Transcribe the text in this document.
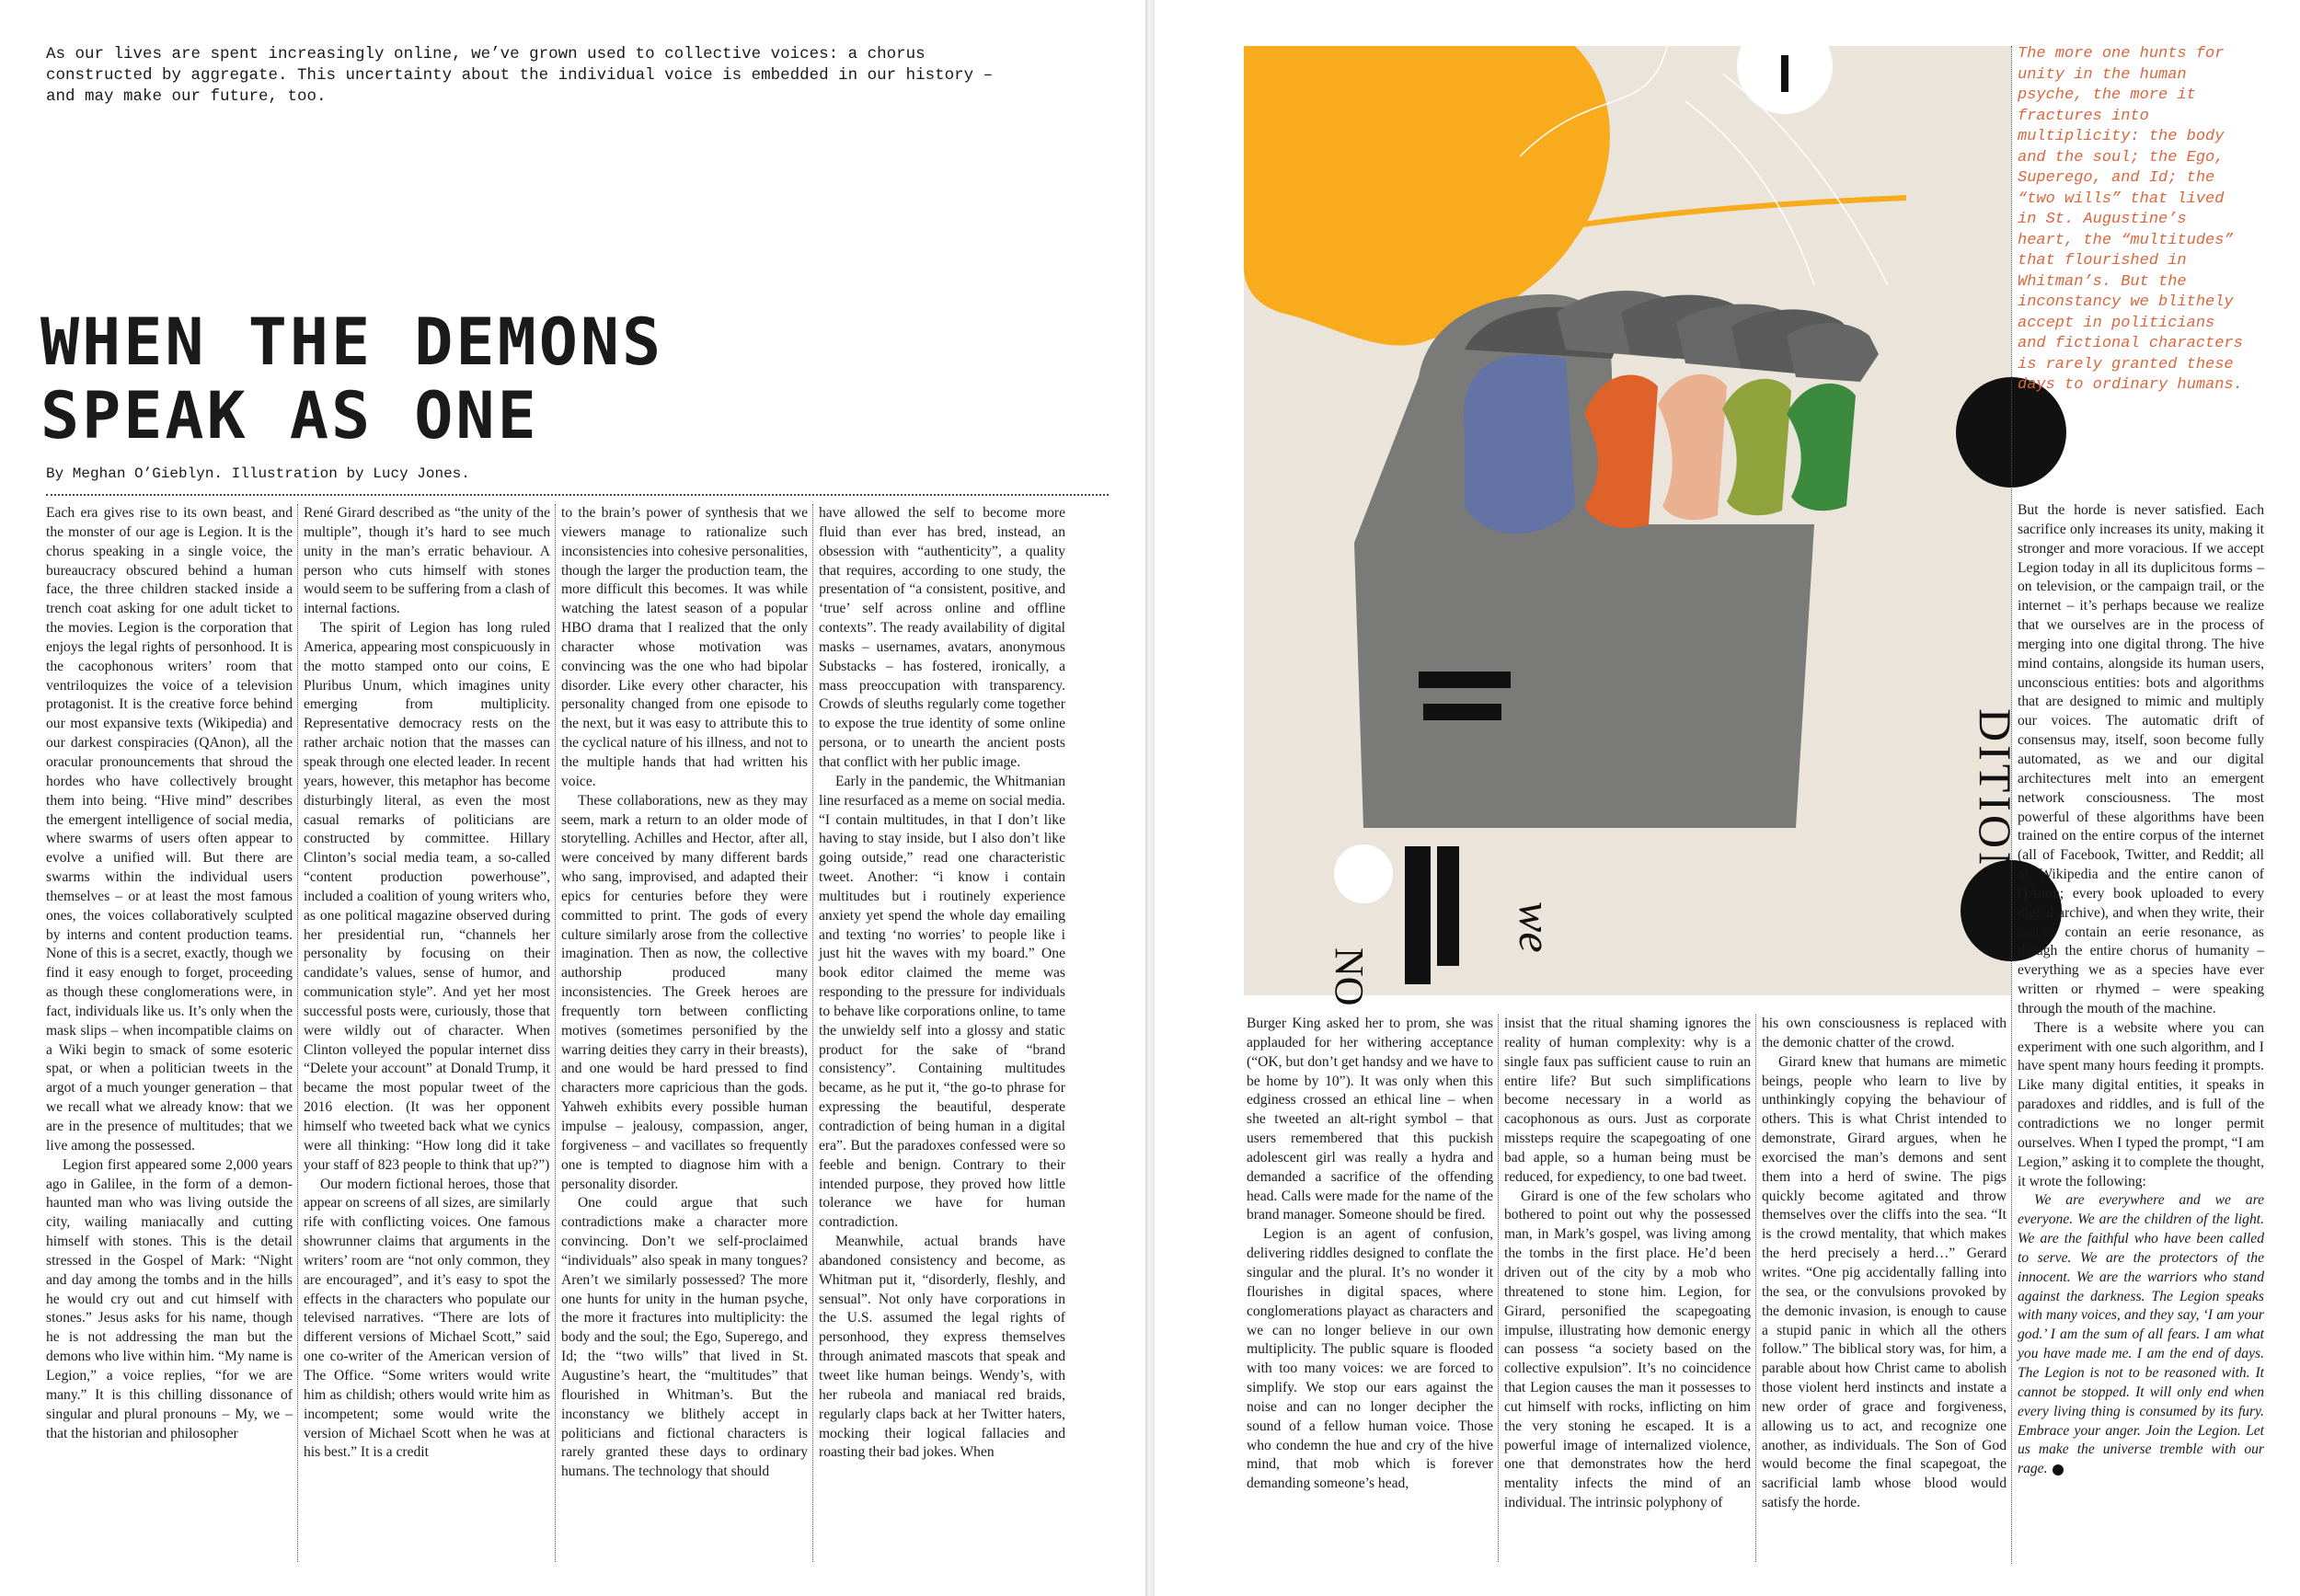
As our lives are spent increasingly online, we’ve grown used to collective voices: a chorus constructed by aggregate. This uncertainty about the individual voice is embedded in our history – and may make our future, too.
WHEN THE DEMONS
SPEAK AS ONE
By Meghan O’Gieblyn. Illustration by Lucy Jones.

Each era gives rise to its own beast, and the monster of our age is Legion. It is the chorus speaking in a single voice, the bureaucracy obscured behind a human face, the three children stacked inside a trench coat asking for one adult ticket to the movies. Legion is the corporation that enjoys the legal rights of personhood. It is the cacophonous writers’ room that ventriloquizes the voice of a television protagonist. It is the creative force behind our most expansive texts (Wikipedia) and our darkest conspiracies (QAnon), all the oracular pronouncements that shroud the hordes who have collectively brought them into being. “Hive mind” describes the emergent intelligence of social media, where swarms of users often appear to evolve a unified will. But there are swarms within the individual users themselves – or at least the most famous ones, the voices collaboratively sculpted by interns and content production teams. None of this is a secret, exactly, though we find it easy enough to forget, proceeding as though these conglomerations were, in fact, individuals like us. It’s only when the mask slips – when incompatible claims on a Wiki begin to smack of some esoteric spat, or when a politician tweets in the argot of a much younger generation – that we recall what we already know: that we are in the presence of multitudes; that we live among the possessed.

Legion first appeared some 2,000 years ago in Galilee, in the form of a demon-haunted man who was living outside the city, wailing maniacally and cutting himself with stones. This is the detail stressed in the Gospel of Mark: “Night and day among the tombs and in the hills he would cry out and cut himself with stones.” Jesus asks for his name, though he is not addressing the man but the demons who live within him. “My name is Legion,” a voice replies, “for we are many.” It is this chilling dissonance of singular and plural pronouns – My, we – that the historian and philosopher

René Girard described as “the unity of the multiple”, though it’s hard to see much unity in the man’s erratic behaviour. A person who cuts himself with stones would seem to be suffering from a clash of internal factions.

The spirit of Legion has long ruled America, appearing most conspicuously in the motto stamped onto our coins, E Pluribus Unum, which imagines unity emerging from multiplicity. Representative democracy rests on the rather archaic notion that the masses can speak through one elected leader. In recent years, however, this metaphor has become disturbingly literal, as even the most casual remarks of politicians are constructed by committee. Hillary Clinton’s social media team, a so-called “content production powerhouse”, included a coalition of young writers who, as one political magazine observed during her presidential run, “channels her personality by focusing on their candidate’s values, sense of humor, and communication style”. And yet her most successful posts were, curiously, those that were wildly out of character. When Clinton volleyed the popular internet diss “Delete your account” at Donald Trump, it became the most popular tweet of the 2016 election. (It was her opponent himself who tweeted back what we cynics were all thinking: “How long did it take your staff of 823 people to think that up?”)

Our modern fictional heroes, those that appear on screens of all sizes, are similarly rife with conflicting voices. One famous showrunner claims that arguments in the writers’ room are “not only common, they are encouraged”, and it’s easy to spot the effects in the characters who populate our televised narratives. “There are lots of different versions of Michael Scott,” said one co-writer of the American version of The Office. “Some writers would write him as childish; others would write him as incompetent; some would write the version of Michael Scott when he was at his best.” It is a credit

to the brain’s power of synthesis that we viewers manage to rationalize such inconsistencies into cohesive personalities, though the larger the production team, the more difficult this becomes. It was while watching the latest season of a popular HBO drama that I realized that the only character whose motivation was convincing was the one who had bipolar disorder. Like every other character, his personality changed from one episode to the next, but it was easy to attribute this to the cyclical nature of his illness, and not to the multiple hands that had written his voice.

These collaborations, new as they may seem, mark a return to an older mode of storytelling. Achilles and Hector, after all, were conceived by many different bards who sang, improvised, and adapted their epics for centuries before they were committed to print. The gods of every culture similarly arose from the collective imagination. Then as now, the collective authorship produced many inconsistencies. The Greek heroes are frequently torn between conflicting motives (sometimes personified by the warring deities they carry in their breasts), and one would be hard pressed to find characters more capricious than the gods. Yahweh exhibits every possible human impulse – jealousy, compassion, anger, forgiveness – and vacillates so frequently one is tempted to diagnose him with a personality disorder.

One could argue that such contradictions make a character more convincing. Don’t we self-proclaimed “individuals” also speak in many tongues? Aren’t we similarly possessed? The more one hunts for unity in the human psyche, the more it fractures into multiplicity: the body and the soul; the Ego, Superego, and Id; the “two wills” that lived in St. Augustine’s heart, the “multitudes” that flourished in Whitman’s. But the inconstancy we blithely accept in politicians and fictional characters is rarely granted these days to ordinary humans. The technology that should

have allowed the self to become more fluid than ever has bred, instead, an obsession with “authenticity”, a quality that requires, according to one study, the presentation of “a consistent, positive, and ‘true’ self across online and offline contexts”. The ready availability of digital masks – usernames, avatars, anonymous Substacks – has fostered, ironically, a mass preoccupation with transparency. Crowds of sleuths regularly come together to expose the true identity of some online persona, or to unearth the ancient posts that conflict with her public image.

Early in the pandemic, the Whitmanian line resurfaced as a meme on social media. “I contain multitudes, in that I don’t like having to stay inside, but I also don’t like going outside,” read one characteristic tweet. Another: “i know i contain multitudes but i routinely experience anxiety yet spend the whole day emailing and texting ‘no worries’ to people like i just hit the waves with my board.” One book editor claimed the meme was responding to the pressure for individuals to behave like corporations online, to tame the unwieldy self into a glossy and static product for the sake of “brand consistency”. Containing multitudes became, as he put it, “the go-to phrase for expressing the beautiful, desperate contradiction of being human in a digital era”. But the paradoxes confessed were so feeble and benign. Contrary to their intended purpose, they proved how little tolerance we have for human contradiction.

Meanwhile, actual brands have abandoned consistency and become, as Whitman put it, “disorderly, fleshly, and sensual”. Not only have corporations in the U.S. assumed the legal rights of personhood, they express themselves through animated mascots that speak and tweet like human beings. Wendy’s, with her rubeola and maniacal red braids, regularly claps back at her Twitter haters, mocking their logical fallacies and roasting their bad jokes. When

we
NO
DITION
The more one hunts for unity in the human psyche, the more it fractures into multiplicity: the body and the soul; the Ego, Superego, and Id; the “two wills” that lived in St. Augustine’s heart, the “multitudes” that flourished in Whitman’s. But the inconstancy we blithely accept in politicians and fictional characters is rarely granted these days to ordinary humans.

Burger King asked her to prom, she was applauded for her withering acceptance (“OK, but don’t get handsy and we have to be home by 10”). It was only when this edginess crossed an ethical line – when she tweeted an alt-right symbol – that users remembered that this puckish adolescent girl was really a hydra and demanded a sacrifice of the offending head. Calls were made for the name of the brand manager. Someone should be fired.

Legion is an agent of confusion, delivering riddles designed to conflate the singular and the plural. It’s no wonder it flourishes in digital spaces, where conglomerations playact as characters and we can no longer believe in our own multiplicity. The public square is flooded with too many voices: we are forced to simplify. We stop our ears against the noise and can no longer decipher the sound of a fellow human voice. Those who condemn the hue and cry of the hive mind, that mob which is forever demanding someone’s head,

insist that the ritual shaming ignores the reality of human complexity: why is a single faux pas sufficient cause to ruin an entire life? But such simplifications become necessary in a world as cacophonous as ours. Just as corporate missteps require the scapegoating of one bad apple, so a human being must be reduced, for expediency, to one bad tweet.

Girard is one of the few scholars who bothered to point out why the possessed man, in Mark’s gospel, was living among the tombs in the first place. He’d been driven out of the city by a mob who threatened to stone him. Legion, for Girard, personified the scapegoating impulse, illustrating how demonic energy can possess “a society based on the collective expulsion”. It’s no coincidence that Legion causes the man it possesses to cut himself with rocks, inflicting on him the very stoning he escaped. It is a powerful image of internalized violence, one that demonstrates how the herd mentality infects the mind of an individual. The intrinsic polyphony of

his own consciousness is replaced with the demonic chatter of the crowd.

Girard knew that humans are mimetic beings, people who learn to live by unthinkingly copying the behaviour of others. This is what Christ intended to demonstrate, Girard argues, when he exorcised the man’s demons and sent them into a herd of swine. The pigs quickly become agitated and throw themselves over the cliffs into the sea. “It is the crowd mentality, that which makes the herd precisely a herd…” Gerard writes. “One pig accidentally falling into the sea, or the convulsions provoked by the demonic invasion, is enough to cause a stupid panic in which all the others follow.” The biblical story was, for him, a parable about how Christ came to abolish those violent herd instincts and instate a new order of grace and forgiveness, allowing us to act, and recognize one another, as individuals. The Son of God would become the final scapegoat, the sacrificial lamb whose blood would satisfy the horde.

But the horde is never satisfied. Each sacrifice only increases its unity, making it stronger and more voracious. If we accept Legion today in all its duplicitous forms – on television, or the campaign trail, or the internet – it’s perhaps because we realize that we ourselves are in the process of merging into one digital throng. The hive mind contains, alongside its human users, unconscious entities: bots and algorithms that are designed to mimic and multiply our voices. The automatic drift of consensus may, itself, soon become fully automated, as we and our digital architectures melt into an emergent network consciousness. The most powerful of these algorithms have been trained on the entire corpus of the internet (all of Facebook, Twitter, and Reddit; all of Wikipedia and the entire canon of QAnon; every book uploaded to every digital archive), and when they write, their voices contain an eerie resonance, as though the entire chorus of humanity – everything we as a species have ever written or rhymed – were speaking through the mouth of the machine.

There is a website where you can experiment with one such algorithm, and I have spent many hours feeding it prompts. Like many digital entities, it speaks in paradoxes and riddles, and is full of the contradictions we no longer permit ourselves. When I typed the prompt, “I am Legion,” asking it to complete the thought, it wrote the following:

We are everywhere and we are everyone. We are the children of the light. We are the faithful who have been called to serve. We are the protectors of the innocent. We are the warriors who stand against the darkness. The Legion speaks with many voices, and they say, ‘I am your god.’ I am the sum of all fears. I am what you have made me. I am the end of days. The Legion is not to be reasoned with. It cannot be stopped. It will only end when every living thing is consumed by its fury. Embrace your anger. Join the Legion. Let us make the universe tremble with our rage.
